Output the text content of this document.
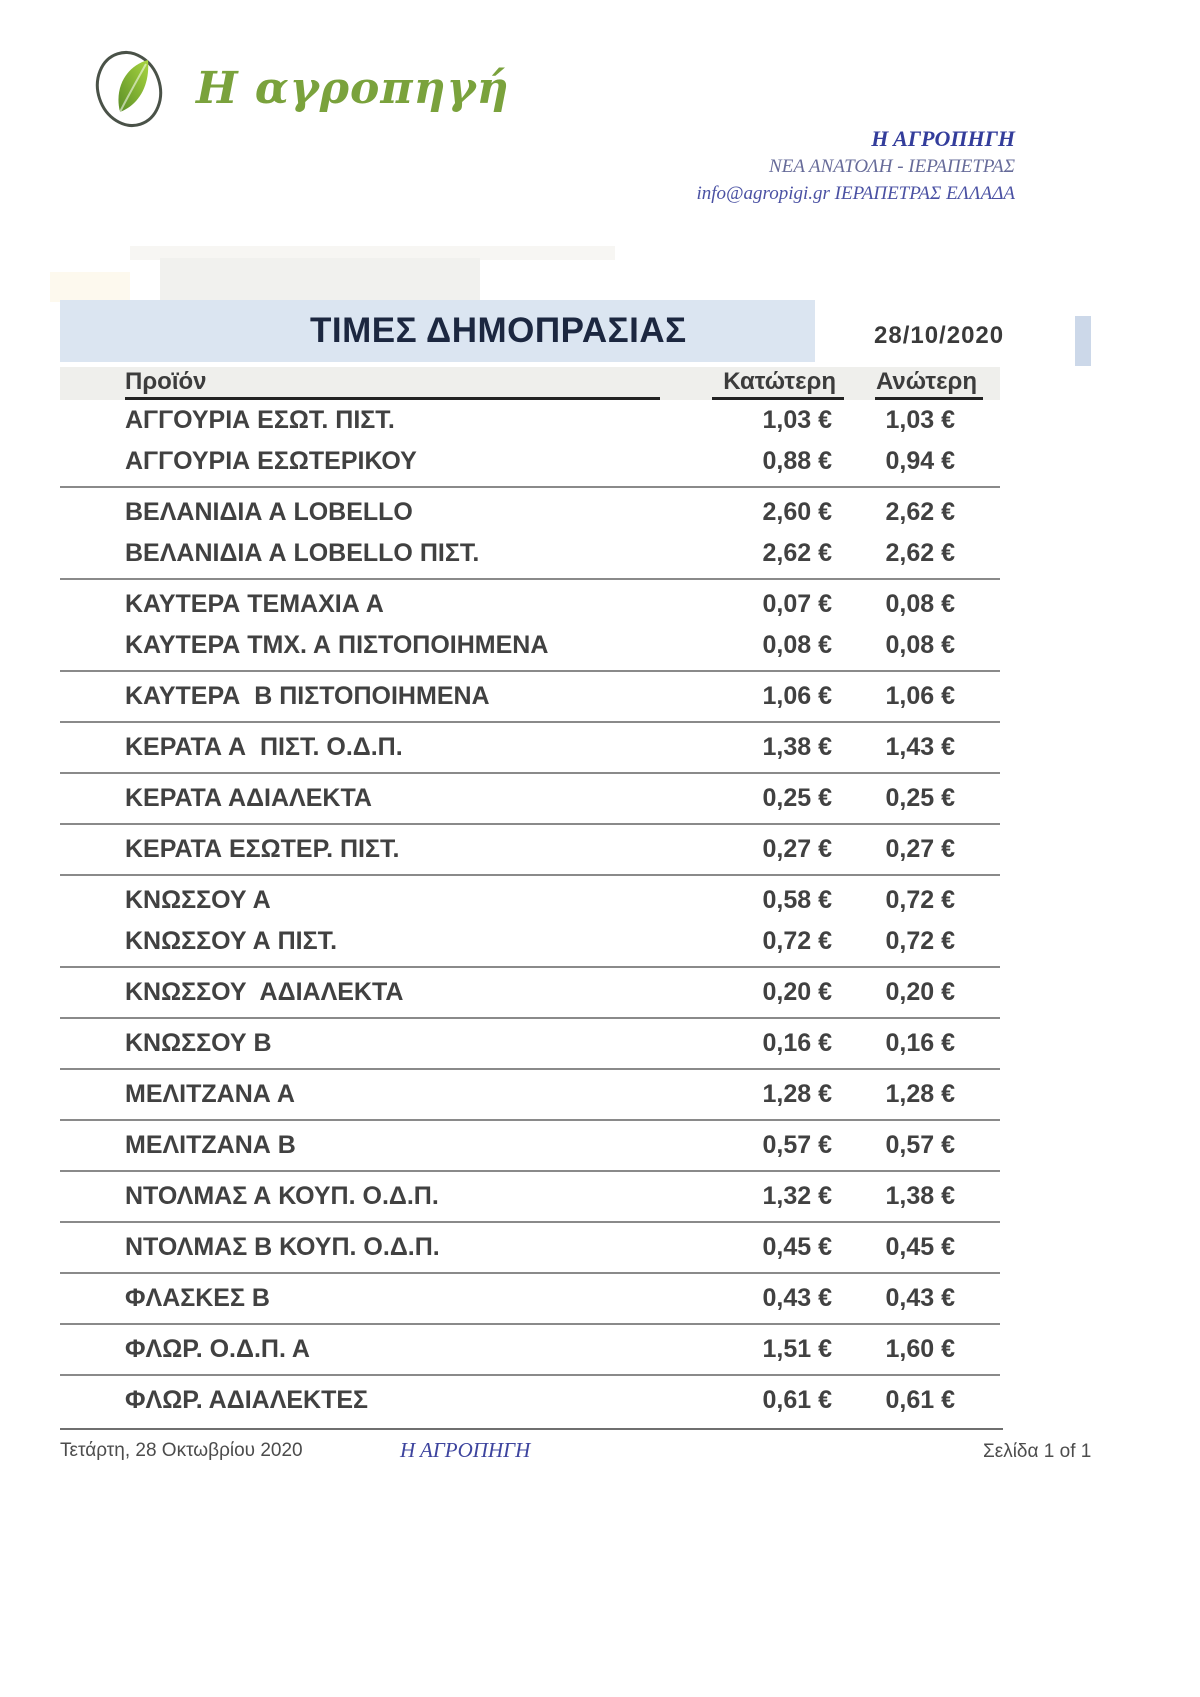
Η αγροπηγή
Η ΑΓΡΟΠΗΓΗ
ΝΕΑ ΑΝΑΤΟΛΗ - ΙΕΡΑΠΕΤΡΑΣ
info@agropigi.gr ΙΕΡΑΠΕΤΡΑΣ ΕΛΛΑΔΑ
ΤΙΜΕΣ ΔΗΜΟΠΡΑΣΙΑΣ	28/10/2020
Προϊόν	Κατώτερη	Ανώτερη
ΑΓΓΟΥΡΙΑ ΕΣΩΤ. ΠΙΣΤ.	1,03 €	1,03 €
ΑΓΓΟΥΡΙΑ ΕΣΩΤΕΡΙΚΟΥ	0,88 €	0,94 €
ΒΕΛΑΝΙΔΙΑ Α LOBELLO	2,60 €	2,62 €
ΒΕΛΑΝΙΔΙΑ Α LOBELLO ΠΙΣΤ.	2,62 €	2,62 €
ΚΑΥΤΕΡΑ ΤΕΜΑΧΙΑ Α	0,07 €	0,08 €
ΚΑΥΤΕΡΑ ΤΜΧ. Α ΠΙΣΤΟΠΟΙΗΜΕΝΑ	0,08 €	0,08 €
ΚΑΥΤΕΡΑ  Β ΠΙΣΤΟΠΟΙΗΜΕΝΑ	1,06 €	1,06 €
ΚΕΡΑΤΑ Α  ΠΙΣΤ. Ο.Δ.Π.	1,38 €	1,43 €
ΚΕΡΑΤΑ ΑΔΙΑΛΕΚΤΑ	0,25 €	0,25 €
ΚΕΡΑΤΑ ΕΣΩΤΕΡ. ΠΙΣΤ.	0,27 €	0,27 €
ΚΝΩΣΣΟΥ Α	0,58 €	0,72 €
ΚΝΩΣΣΟΥ Α ΠΙΣΤ.	0,72 €	0,72 €
ΚΝΩΣΣΟΥ  ΑΔΙΑΛΕΚΤΑ	0,20 €	0,20 €
ΚΝΩΣΣΟΥ Β	0,16 €	0,16 €
ΜΕΛΙΤΖΑΝΑ Α	1,28 €	1,28 €
ΜΕΛΙΤΖΑΝΑ Β	0,57 €	0,57 €
ΝΤΟΛΜΑΣ Α ΚΟΥΠ. Ο.Δ.Π.	1,32 €	1,38 €
ΝΤΟΛΜΑΣ Β ΚΟΥΠ. Ο.Δ.Π.	0,45 €	0,45 €
ΦΛΑΣΚΕΣ Β	0,43 €	0,43 €
ΦΛΩΡ. Ο.Δ.Π. Α	1,51 €	1,60 €
ΦΛΩΡ. ΑΔΙΑΛΕΚΤΕΣ	0,61 €	0,61 €
Τετάρτη, 28 Οκτωβρίου 2020	Η ΑΓΡΟΠΗΓΗ	Σελίδα 1 of 1
